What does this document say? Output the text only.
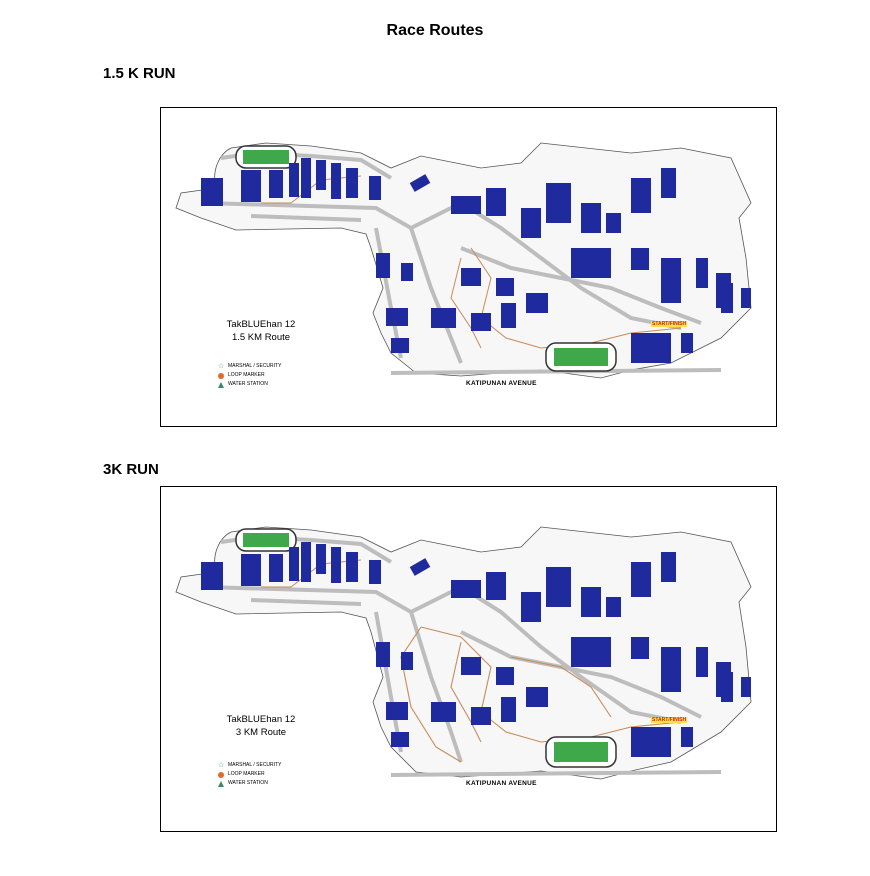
Race Routes
1.5 K RUN
TakBLUEhan 12
1.5 KM Route
☆ MARSHAL / SECURITY
LOOP MARKER
WATER STATION	KATIPUNAN AVENUE
START/FINISH
3K RUN
TakBLUEhan 12
3 KM Route
☆ MARSHAL / SECURITY
LOOP MARKER
WATER STATION	KATIPUNAN AVENUE
START/FINISH
